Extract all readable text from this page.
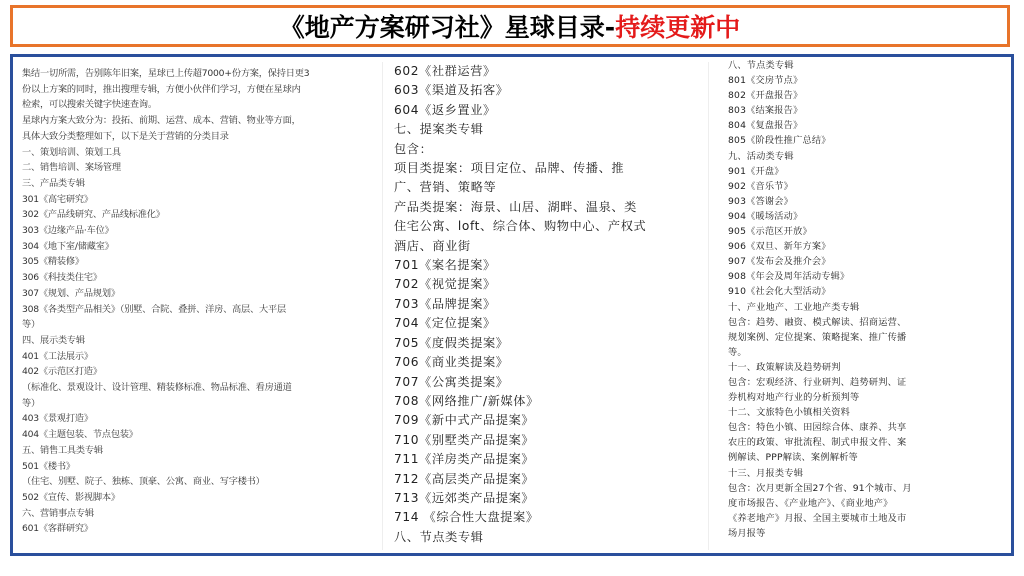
《地产方案研习社》星球目录-持续更新中
集结一切所需，告别陈年旧案，星球已上传超7000+份方案，保持日更3
份以上方案的同时，推出搜理专辑，方便小伙伴们学习，方便在星球内
检索，可以搜索关键字快速查询。
星球内方案大致分为：投拓、前期、运营、成本、营销、物业等方面，
具体大致分类整理如下，以下是关于营销的分类目录
一、策划培训、策划工具
二、销售培训、案场管理
三、产品类专辑
301《高宅研究》
302《产品线研究、产品线标准化》
303《边缘产品·车位》
304《地下室/储藏室》
305《精装修》
306《科技类住宅》
307《规划、产品规划》
308《各类型产品相关》（别墅、合院、叠拼、洋房、高层、大平层
等）
四、展示类专辑
401《工法展示》
402《示范区打造》
（标准化、景观设计、设计管理、精装修标准、物品标准、看房通道
等）
403《景观打造》
404《主题包装、节点包装》
五、销售工具类专辑
501《楼书》
（住宅、别墅、院子、独栋、顶豪、公寓、商业、写字楼书）
502《宣传、影视脚本》
六、营销事点专辑
601《客群研究》
602《社群运营》
603《渠道及拓客》
604《返乡置业》
七、提案类专辑
包含：
项目类提案：项目定位、品牌、传播、推
广、营销、策略等
产品类提案：海景、山居、湖畔、温泉、类
住宅公寓、loft、综合体、购物中心、产权式
酒店、商业街
701《案名提案》
702《视觉提案》
703《品牌提案》
704《定位提案》
705《度假类提案》
706《商业类提案》
707《公寓类提案》
708《网络推广/新媒体》
709《新中式产品提案》
710《别墅类产品提案》
711《洋房类产品提案》
712《高层类产品提案》
713《远郊类产品提案》
714 《综合性大盘提案》
八、节点类专辑
八、节点类专辑
801《交房节点》
802《开盘报告》
803《结案报告》
804《复盘报告》
805《阶段性推广总结》
九、活动类专辑
901《开盘》
902《音乐节》
903《答谢会》
904《暖场活动》
905《示范区开放》
906《双旦、新年方案》
907《发布会及推介会》
908《年会及周年活动专辑》
910《社会化大型活动》
十、产业地产、工业地产类专辑
包含：趋势、融资、模式解读、招商运营、
规划案例、定位提案、策略提案、推广传播
等。
十一、政策解读及趋势研判
包含：宏观经济、行业研判、趋势研判、证
券机构对地产行业的分析预判等
十二、文旅特色小镇相关资料
包含：特色小镇、田园综合体、康养、共享
农庄的政策、审批流程、制式申报文件、案
例解读、PPP解读、案例解析等
十三、月报类专辑
包含：次月更新全国27个省、91个城市、月
度市场报告、《产业地产》、《商业地产》
《养老地产》月报、全国主要城市土地及市
场月报等
